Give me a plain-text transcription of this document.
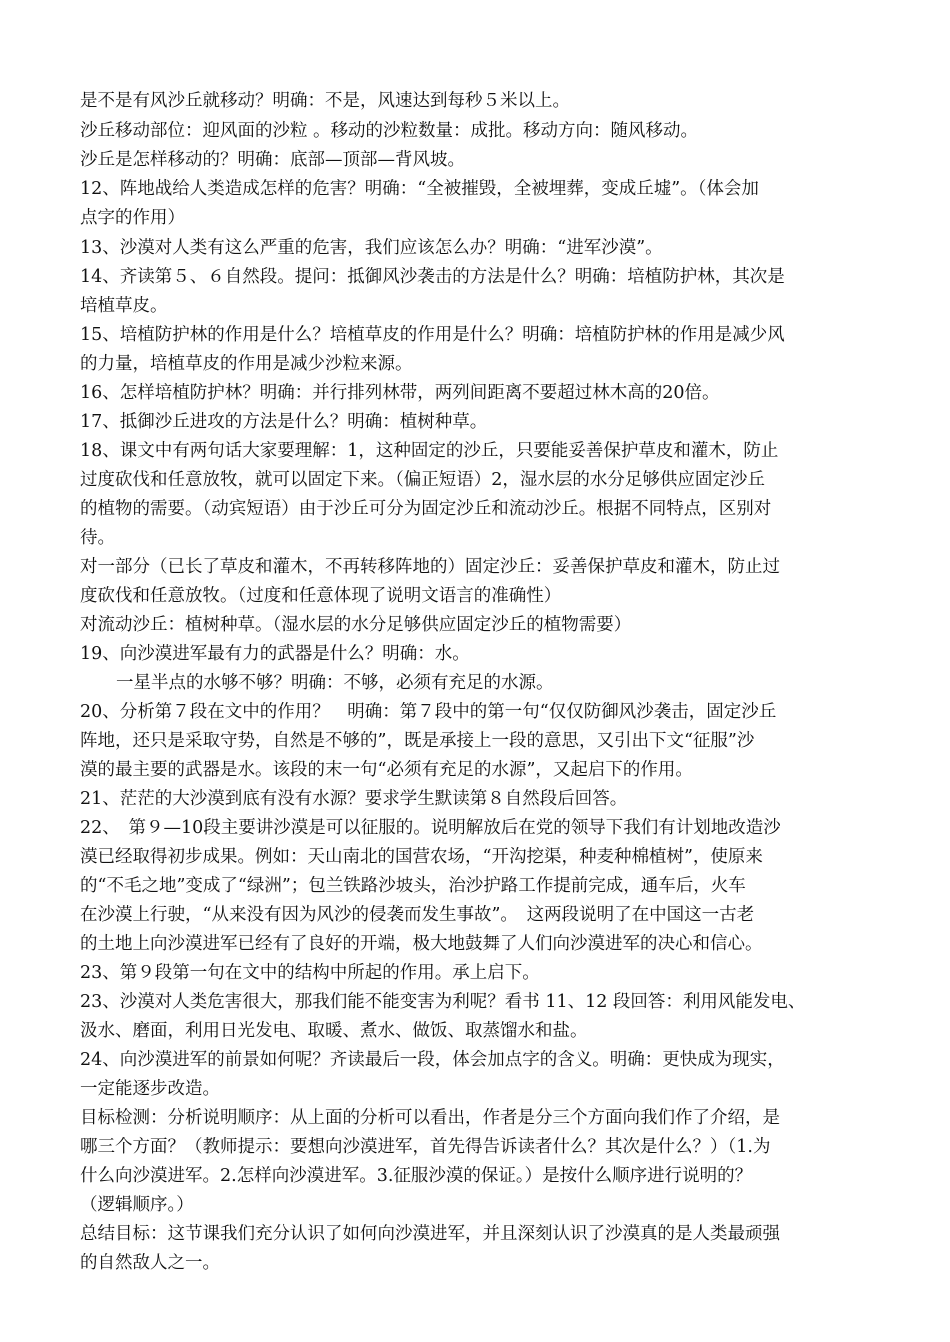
是不是有风沙丘就移动？明确：不是，风速达到每秒５米以上。
沙丘移动部位：迎风面的沙粒 。移动的沙粒数量：成批。移动方向：随风移动。
沙丘是怎样移动的？明确：底部—顶部—背风坡。
12、阵地战给人类造成怎样的危害？明确：“全被摧毁，全被埋葬，变成丘墟”。（体会加
点字的作用）
13、沙漠对人类有这么严重的危害，我们应该怎么办？明确：“进军沙漠”。
14、齐读第５、６自然段。提问：抵御风沙袭击的方法是什么？明确：培植防护林，其次是
培植草皮。
15、培植防护林的作用是什么？培植草皮的作用是什么？明确：培植防护林的作用是减少风
的力量，培植草皮的作用是减少沙粒来源。
16、怎样培植防护林？明确：并行排列林带，两列间距离不要超过林木高的20倍。
17、抵御沙丘进攻的方法是什么？明确：植树种草。
18、课文中有两句话大家要理解：1，这种固定的沙丘，只要能妥善保护草皮和灌木，防止
过度砍伐和任意放牧，就可以固定下来。（偏正短语）2，湿水层的水分足够供应固定沙丘
的植物的需要。（动宾短语）由于沙丘可分为固定沙丘和流动沙丘。根据不同特点，区别对
待。
对一部分（已长了草皮和灌木，不再转移阵地的）固定沙丘：妥善保护草皮和灌木，防止过
度砍伐和任意放牧。（过度和任意体现了说明文语言的准确性）
对流动沙丘：植树种草。（湿水层的水分足够供应固定沙丘的植物需要）
19、向沙漠进军最有力的武器是什么？明确：水。
一星半点的水够不够？明确：不够，必须有充足的水源。
20、分析第７段在文中的作用？　明确：第７段中的第一句“仅仅防御风沙袭击，固定沙丘
阵地，还只是采取守势，自然是不够的”，既是承接上一段的意思，又引出下文“征服”沙
漠的最主要的武器是水。该段的末一句“必须有充足的水源”，又起启下的作用。
21、茫茫的大沙漠到底有没有水源？要求学生默读第８自然段后回答。
22、　第９—10段主要讲沙漠是可以征服的。说明解放后在党的领导下我们有计划地改造沙
漠已经取得初步成果。例如：天山南北的国营农场，“开沟挖渠，种麦种棉植树”，使原来
的“不毛之地”变成了“绿洲”；包兰铁路沙坡头，治沙护路工作提前完成，通车后，火车
在沙漠上行驶，“从来没有因为风沙的侵袭而发生事故”。　这两段说明了在中国这一古老
的土地上向沙漠进军已经有了良好的开端，极大地鼓舞了人们向沙漠进军的决心和信心。
23、第９段第一句在文中的结构中所起的作用。承上启下。
23、沙漠对人类危害很大，那我们能不能变害为利呢？看书 11、12 段回答：利用风能发电、
汲水、磨面，利用日光发电、取暖、煮水、做饭、取蒸馏水和盐。
24、向沙漠进军的前景如何呢？齐读最后一段，体会加点字的含义。明确：更快成为现实，
一定能逐步改造。
目标检测：分析说明顺序：从上面的分析可以看出，作者是分三个方面向我们作了介绍，是
哪三个方面？（教师提示：要想向沙漠进军，首先得告诉读者什么？其次是什么？）（1.为
什么向沙漠进军。2.怎样向沙漠进军。3.征服沙漠的保证。）是按什么顺序进行说明的？
（逻辑顺序。）
总结目标：这节课我们充分认识了如何向沙漠进军，并且深刻认识了沙漠真的是人类最顽强
的自然敌人之一。
